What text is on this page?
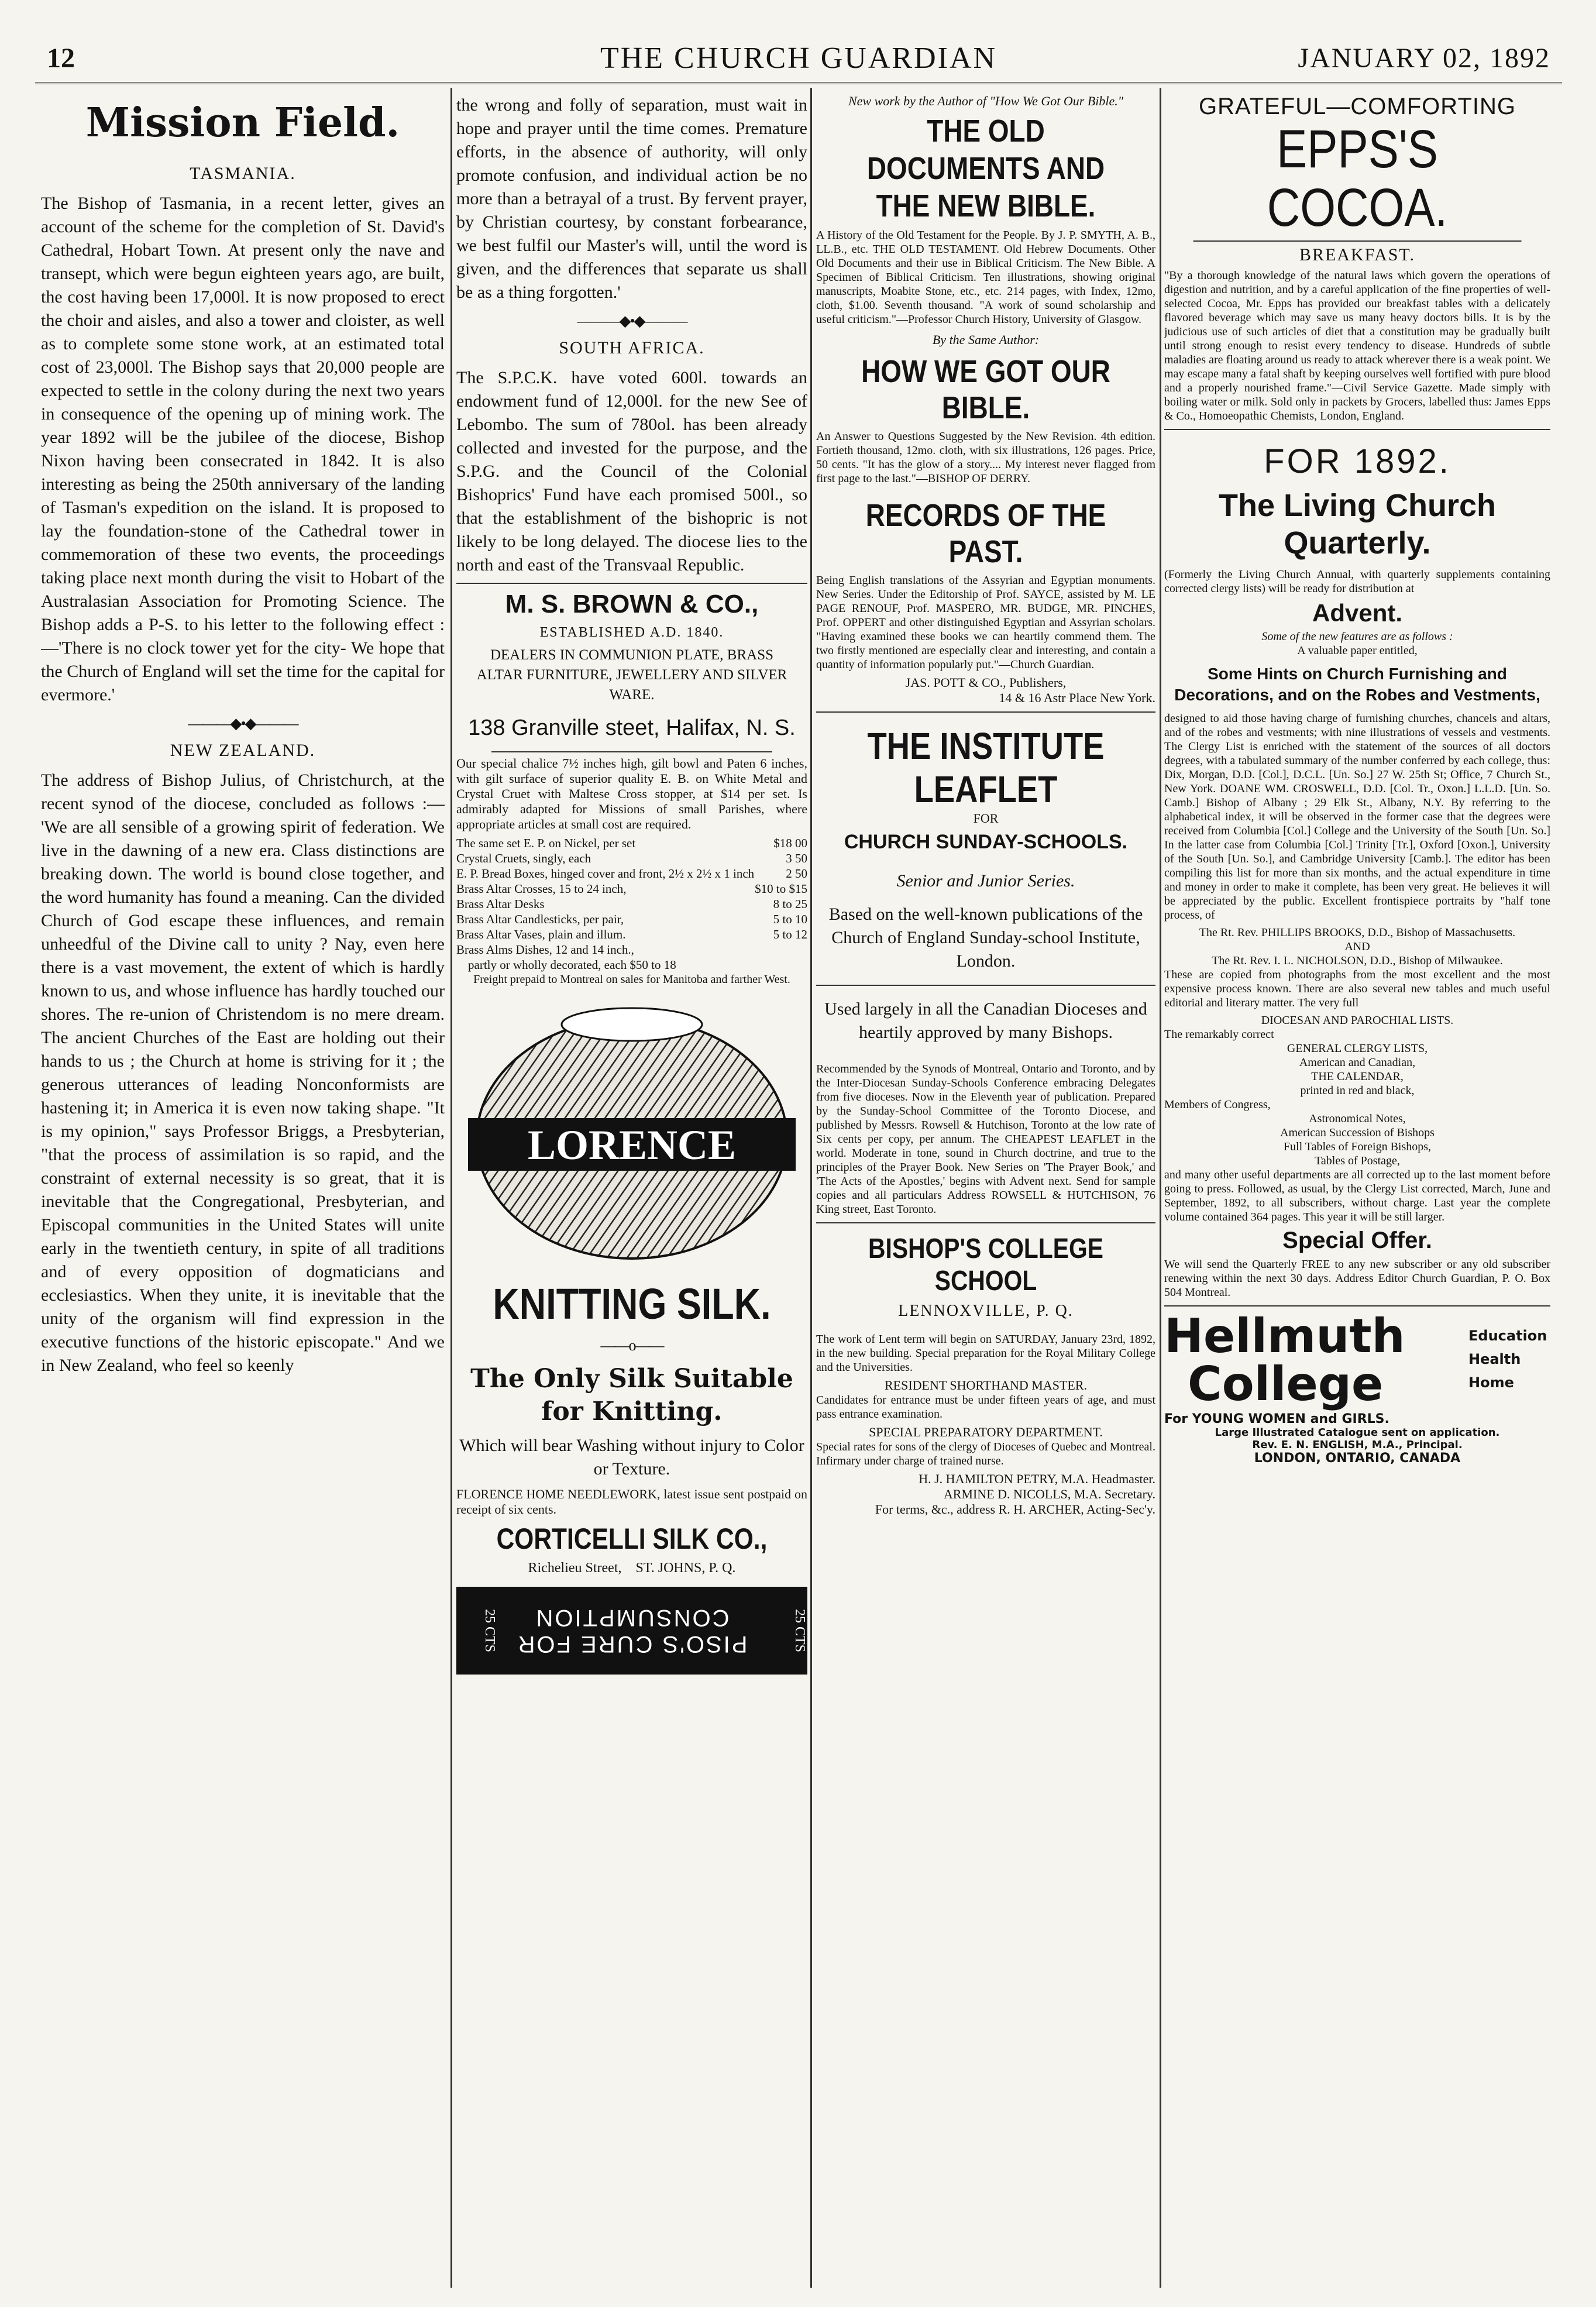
12	THE CHURCH GUARDIAN	JANUARY 02, 1892
Mission Field.
TASMANIA.

The Bishop of Tasmania, in a recent letter, gives an account of the scheme for the completion of St. David's Cathedral, Hobart Town. At present only the nave and transept, which were begun eighteen years ago, are built, the cost having been 17,000l. It is now proposed to erect the choir and aisles, and also a tower and cloister, as well as to complete some stone work, at an estimated total cost of 23,000l. The Bishop says that 20,000 people are expected to settle in the colony during the next two years in consequence of the opening up of mining work. The year 1892 will be the jubilee of the diocese, Bishop Nixon having been consecrated in 1842. It is also interesting as being the 250th anniversary of the landing of Tasman's expedition on the island. It is proposed to lay the foundation-stone of the Cathedral tower in commemoration of these two events, the proceedings taking place next month during the visit to Hobart of the Australasian Association for Promoting Science. The Bishop adds a P-S. to his letter to the following effect :—'There is no clock tower yet for the city- We hope that the Church of England will set the time for the capital for evermore.'

———◆•◆———
NEW ZEALAND.

The address of Bishop Julius, of Christchurch, at the recent synod of the diocese, concluded as follows :— 'We are all sensible of a growing spirit of federation. We live in the dawning of a new era. Class distinctions are breaking down. The world is bound close together, and the word humanity has found a meaning. Can the divided Church of God escape these influences, and remain unheedful of the Divine call to unity ? Nay, even here there is a vast movement, the extent of which is hardly known to us, and whose influence has hardly touched our shores. The re-union of Christendom is no mere dream. The ancient Churches of the East are holding out their hands to us ; the Church at home is striving for it ; the generous utterances of leading Nonconformists are hastening it; in America it is even now taking shape. "It is my opinion," says Professor Briggs, a Presbyterian, "that the process of assimilation is so rapid, and the constraint of external necessity is so great, that it is inevitable that the Congregational, Presbyterian, and Episcopal communities in the United States will unite early in the twentieth century, in spite of all traditions and of every opposition of dogmaticians and ecclesiastics. When they unite, it is inevitable that the unity of the organism will find expression in the executive functions of the historic episcopate." And we in New Zealand, who feel so keenly

the wrong and folly of separation, must wait in hope and prayer until the time comes. Premature efforts, in the absence of authority, will only promote confusion, and individual action be no more than a betrayal of a trust. By fervent prayer, by Christian courtesy, by constant forbearance, we best fulfil our Master's will, until the word is given, and the differences that separate us shall be as a thing forgotten.'

———◆•◆———
SOUTH AFRICA.

The S.P.C.K. have voted 600l. towards an endowment fund of 12,000l. for the new See of Lebombo. The sum of 780ol. has been already collected and invested for the purpose, and the S.P.G. and the Council of the Colonial Bishoprics' Fund have each promised 500l., so that the establishment of the bishopric is not likely to be long delayed. The diocese lies to the north and east of the Transvaal Republic.

M. S. BROWN & CO.,
ESTABLISHED A.D. 1840.
DEALERS IN COMMUNION PLATE, BRASS ALTAR FURNITURE, JEWELLERY AND SILVER WARE.
138 Granville steet, Halifax, N. S.

Our special chalice 7½ inches high, gilt bowl and Paten 6 inches, with gilt surface of superior quality E. B. on White Metal and Crystal Cruet with Maltese Cross stopper, at $14 per set. Is admirably adapted for Missions of small Parishes, where appropriate articles at small cost are required.

The same set E. P. on Nickel, per set	$18 00
Crystal Cruets, singly, each	3 50
E. P. Bread Boxes, hinged cover and front, 2½ x 2½ x 1 inch	2 50
Brass Altar Crosses, 15 to 24 inch,	$10 to $15
Brass Altar Desks	8 to 25
Brass Altar Candlesticks, per pair,	5 to 10
Brass Altar Vases, plain and illum.	5 to 12
Brass Alms Dishes, 12 and 14 inch.,
partly or wholly decorated, each $50 to 18

Freight prepaid to Montreal on sales for Manitoba and farther West.

LORENCE
KNITTING SILK.
——o——
The Only Silk Suitable for Knitting.
Which will bear Washing without injury to Color or Texture.

FLORENCE HOME NEEDLEWORK, latest issue sent postpaid on receipt of six cents.

CORTICELLI SILK CO.,
Richelieu Street,    ST. JOHNS, P. Q.
25 CTS PISO'S CURE FOR CONSUMPTION	25 CTS
New work by the Author of "How We Got Our Bible."
THE OLD DOCUMENTS AND THE NEW BIBLE.

A History of the Old Testament for the People. By J. P. SMYTH, A. B., LL.B., etc. THE OLD TESTAMENT. Old Hebrew Documents. Other Old Documents and their use in Biblical Criticism. The New Bible. A Specimen of Biblical Criticism. Ten illustrations, showing original manuscripts, Moabite Stone, etc., etc. 214 pages, with Index, 12mo, cloth, $1.00. Seventh thousand. "A work of sound scholarship and useful criticism."—Professor Church History, University of Glasgow.

By the Same Author:
HOW WE GOT OUR BIBLE.

An Answer to Questions Suggested by the New Revision. 4th edition. Fortieth thousand, 12mo. cloth, with six illustrations, 126 pages. Price, 50 cents. "It has the glow of a story.... My interest never flagged from first page to the last."—BISHOP OF DERRY.

RECORDS OF THE PAST.

Being English translations of the Assyrian and Egyptian monuments. New Series. Under the Editorship of Prof. SAYCE, assisted by M. LE PAGE RENOUF, Prof. MASPERO, MR. BUDGE, MR. PINCHES, Prof. OPPERT and other distinguished Egyptian and Assyrian scholars. "Having examined these books we can heartily commend them. The two firstly mentioned are especially clear and interesting, and contain a quantity of information popularly put."—Church Guardian.

JAS. POTT & CO., Publishers,
14 & 16 Astr Place New York.
THE INSTITUTE LEAFLET
FOR
CHURCH SUNDAY-SCHOOLS.
Senior and Junior Series.
Based on the well-known publications of the Church of England Sunday-school Institute, London.
Used largely in all the Canadian Dioceses and heartily approved by many Bishops.

Recommended by the Synods of Montreal, Ontario and Toronto, and by the Inter-Diocesan Sunday-Schools Conference embracing Delegates from five dioceses. Now in the Eleventh year of publication. Prepared by the Sunday-School Committee of the Toronto Diocese, and published by Messrs. Rowsell & Hutchison, Toronto at the low rate of Six cents per copy, per annum. The CHEAPEST LEAFLET in the world. Moderate in tone, sound in Church doctrine, and true to the principles of the Prayer Book. New Series on 'The Prayer Book,' and 'The Acts of the Apostles,' begins with Advent next. Send for sample copies and all particulars Address ROWSELL & HUTCHISON, 76 King street, East Toronto.

BISHOP'S COLLEGE SCHOOL
LENNOXVILLE, P. Q.

The work of Lent term will begin on SATURDAY, January 23rd, 1892, in the new building. Special preparation for the Royal Military College and the Universities.

RESIDENT SHORTHAND MASTER.

Candidates for entrance must be under fifteen years of age, and must pass entrance examination.

SPECIAL PREPARATORY DEPARTMENT.

Special rates for sons of the clergy of Dioceses of Quebec and Montreal. Infirmary under charge of trained nurse.

H. J. HAMILTON PETRY, M.A. Headmaster.
ARMINE D. NICOLLS, M.A. Secretary.
For terms, &c., address R. H. ARCHER, Acting-Sec'y.
GRATEFUL—COMFORTING
EPPS'S COCOA.
BREAKFAST.

"By a thorough knowledge of the natural laws which govern the operations of digestion and nutrition, and by a careful application of the fine properties of well-selected Cocoa, Mr. Epps has provided our breakfast tables with a delicately flavored beverage which may save us many heavy doctors bills. It is by the judicious use of such articles of diet that a constitution may be gradually built until strong enough to resist every tendency to disease. Hundreds of subtle maladies are floating around us ready to attack wherever there is a weak point. We may escape many a fatal shaft by keeping ourselves well fortified with pure blood and a properly nourished frame."—Civil Service Gazette. Made simply with boiling water or milk. Sold only in packets by Grocers, labelled thus: James Epps & Co., Homoeopathic Chemists, London, England.

FOR 1892.
The Living Church Quarterly.

(Formerly the Living Church Annual, with quarterly supplements containing corrected clergy lists) will be ready for distribution at

Advent.
Some of the new features are as follows :
A valuable paper entitled,
Some Hints on Church Furnishing and Decorations, and on the Robes and Vestments,

designed to aid those having charge of furnishing churches, chancels and altars, and of the robes and vestments; with nine illustrations of vessels and vestments. The Clergy List is enriched with the statement of the sources of all doctors degrees, with a tabulated summary of the number conferred by each college, thus: Dix, Morgan, D.D. [Col.], D.C.L. [Un. So.] 27 W. 25th St; Office, 7 Church St., New York. DOANE WM. CROSWELL, D.D. [Col. Tr., Oxon.] L.L.D. [Un. So. Camb.] Bishop of Albany ; 29 Elk St., Albany, N.Y. By referring to the alphabetical index, it will be observed in the former case that the degrees were received from Columbia [Col.] College and the University of the South [Un. So.] In the latter case from Columbia [Col.] Trinity [Tr.], Oxford [Oxon.], University of the South [Un. So.], and Cambridge University [Camb.]. The editor has been compiling this list for more than six months, and the actual expenditure in time and money in order to make it complete, has been very great. He believes it will be appreciated by the public. Excellent frontispiece portraits by "half tone process, of

The Rt. Rev. PHILLIPS BROOKS, D.D., Bishop of Massachusetts.
AND
The Rt. Rev. I. L. NICHOLSON, D.D., Bishop of Milwaukee.

These are copied from photographs from the most excellent and the most expensive process known. There are also several new tables and much useful editorial and literary matter. The very full

DIOCESAN AND PAROCHIAL LISTS.
The remarkably correct
GENERAL CLERGY LISTS,
American and Canadian,
THE CALENDAR,
printed in red and black,
Members of Congress,
Astronomical Notes,
American Succession of Bishops
Full Tables of Foreign Bishops,
Tables of Postage,

and many other useful departments are all corrected up to the last moment before going to press. Followed, as usual, by the Clergy List corrected, March, June and September, 1892, to all subscribers, without charge. Last year the complete volume contained 364 pages. This year it will be still larger.

Special Offer.

We will send the Quarterly FREE to any new subscriber or any old subscriber renewing within the next 30 days. Address Editor Church Guardian, P. O. Box 504 Montreal.

Hellmuth
College
Education
Health
Home
For YOUNG WOMEN and GIRLS.
Large Illustrated Catalogue sent on application.
Rev. E. N. ENGLISH, M.A., Principal.
LONDON, ONTARIO, CANADA
